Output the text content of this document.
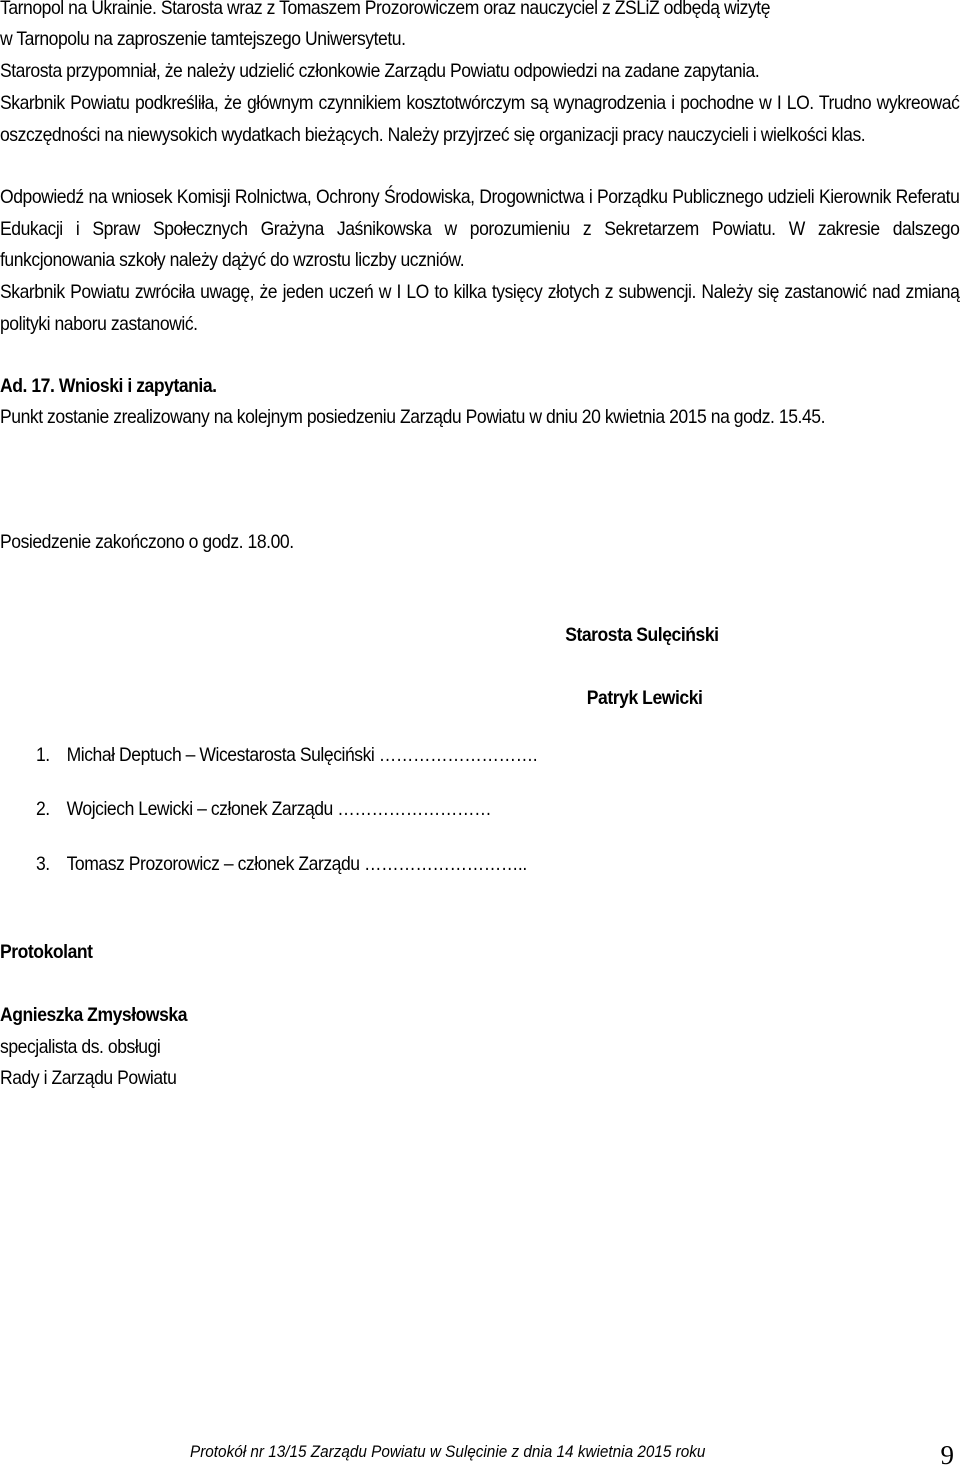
Tarnopol na Ukrainie. Starosta wraz z Tomaszem Prozorowiczem oraz nauczyciel z ZSLiZ odbędą wizytę

w Tarnopolu na zaproszenie tamtejszego Uniwersytetu.

Starosta przypomniał, że należy udzielić członkowie Zarządu Powiatu odpowiedzi na zadane zapytania.

Skarbnik Powiatu podkreśliła, że głównym czynnikiem kosztotwórczym są wynagrodzenia i pochodne w I LO. Trudno wykreować oszczędności na niewysokich wydatkach bieżących. Należy przyjrzeć się organizacji pracy nauczycieli i wielkości klas.

Odpowiedź na wniosek Komisji Rolnictwa, Ochrony Środowiska, Drogownictwa i Porządku Publicznego udzieli Kierownik Referatu Edukacji i Spraw Społecznych Grażyna Jaśnikowska w porozumieniu z Sekretarzem Powiatu. W zakresie dalszego funkcjonowania szkoły należy dążyć do wzrostu liczby uczniów.

Skarbnik Powiatu zwróciła uwagę, że jeden uczeń w I LO to kilka tysięcy złotych z subwencji. Należy się zastanowić nad zmianą polityki naboru zastanowić.

Ad. 17. Wnioski i zapytania.

Punkt zostanie zrealizowany na kolejnym posiedzeniu Zarządu Powiatu w dniu 20 kwietnia 2015 na godz. 15.45.

Posiedzenie zakończono o godz. 18.00.

Starosta Sulęciński

Patryk Lewicki

1. Michał Deptuch – Wicestarosta Sulęciński ……………………….
2. Wojciech Lewicki – członek Zarządu ………………………
3. Tomasz Prozorowicz – członek Zarządu ………………………..

Protokolant

Agnieszka Zmysłowska

specjalista ds. obsługi

Rady i Zarządu Powiatu

Protokół nr 13/15 Zarządu Powiatu w Sulęcinie z dnia 14 kwietnia 2015 roku	9
